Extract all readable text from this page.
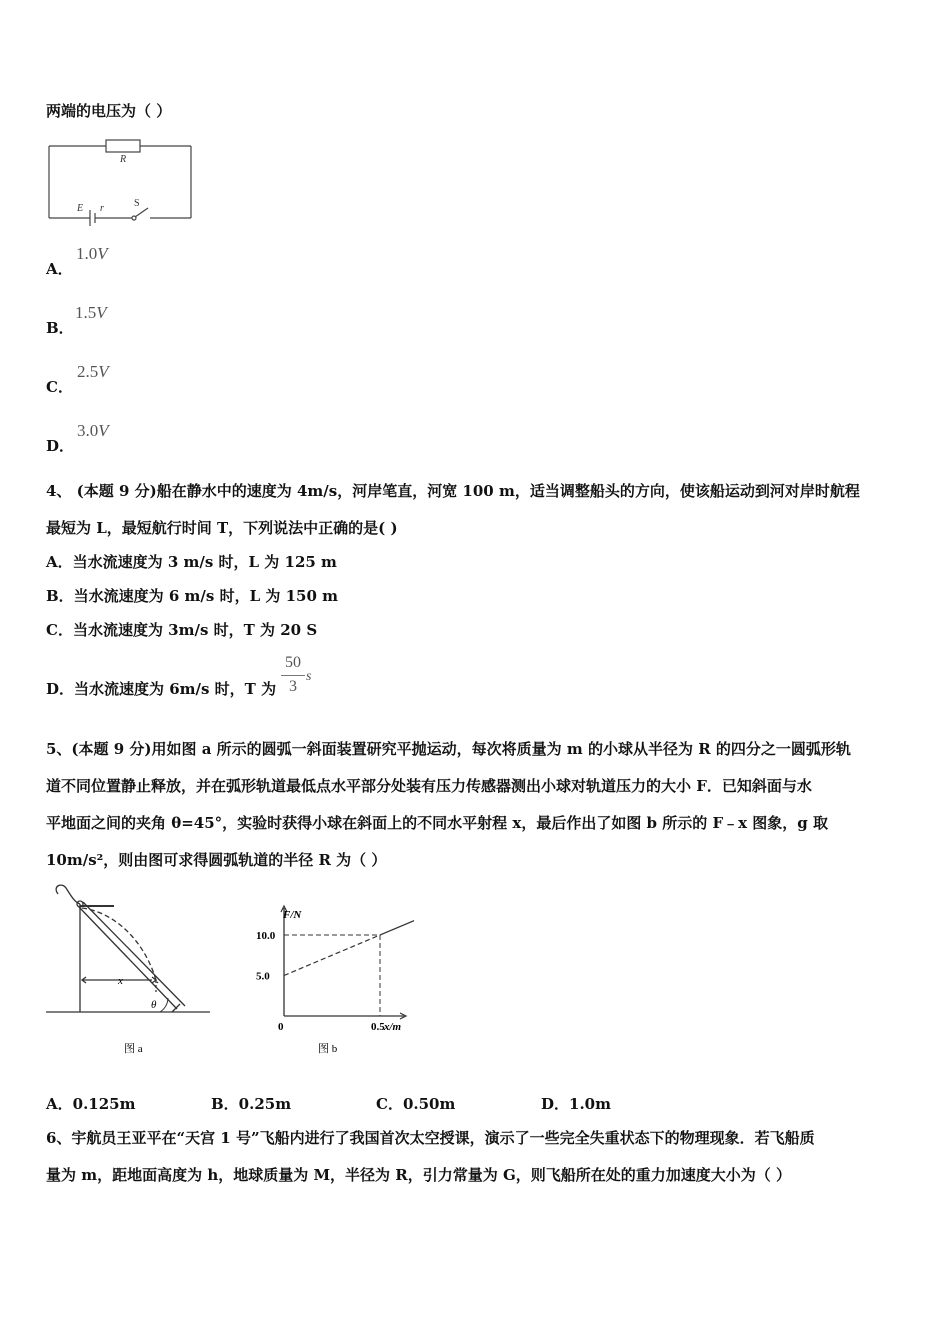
两端的电压为（ ）
R
E r	S
A．
1.0V
B．
1.5V
C．
2.5V
D．
3.0V
4、 (本题 9 分)船在静水中的速度为 4m/s，河岸笔直，河宽 100 m，适当调整船头的方向，使该船运动到河对岸时航程
最短为 L，最短航行时间 T，下列说法中正确的是( )
A．当水流速度为 3 m/s 时，L 为 125 m
B．当水流速度为 6 m/s 时，L 为 150 m
C．当水流速度为 3m/s 时，T 为 20 S
D．当水流速度为 6m/s 时，T 为
50
3
s
5、(本题 9 分)用如图 a 所示的圆弧一斜面装置研究平抛运动，每次将质量为 m 的小球从半径为 R 的四分之一圆弧形轨
道不同位置静止释放，并在弧形轨道最低点水平部分处装有压力传感器测出小球对轨道压力的大小 F．已知斜面与水
平地面之间的夹角 θ=45°，实验时获得小球在斜面上的不同水平射程 x，最后作出了如图 b 所示的 F﹣x 图象，g 取
10m/s²，则由图可求得圆弧轨道的半径 R 为（ ）
x
θ
图 a
10.0
5.0
0.5 x/m
F/N
0
图 b
A．0.125m	B．0.25m	C．0.50m	D．1.0m
6、宇航员王亚平在“天宫 1 号”飞船内进行了我国首次太空授课，演示了一些完全失重状态下的物理现象．若飞船质
量为 m，距地面高度为 h，地球质量为 M，半径为 R，引力常量为 G，则飞船所在处的重力加速度大小为（ ）
